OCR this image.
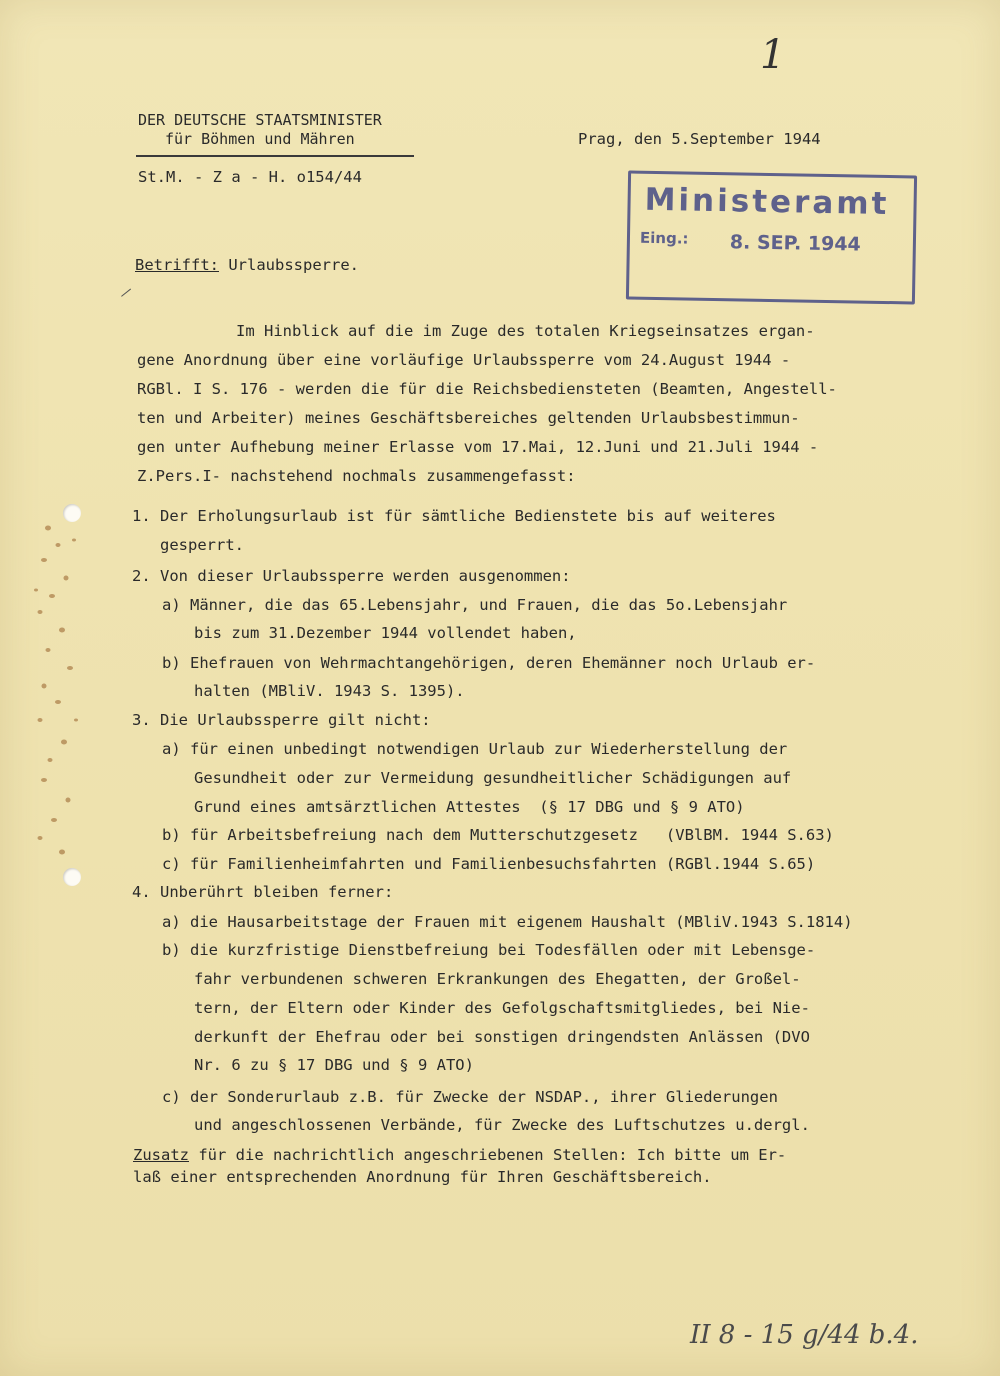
1
DER DEUTSCHE STAATSMINISTER
für Böhmen und Mähren
St.M. - Z a - H. o154/44
Prag, den 5.September 1944
Ministeramt
Eing.: 8. SEP. 1944
Betrifft: Urlaubssperre.
Im Hinblick auf die im Zuge des totalen Kriegseinsatzes ergan-
gene Anordnung über eine vorläufige Urlaubssperre vom 24.August 1944 -
RGBl. I S. 176 - werden die für die Reichsbediensteten (Beamten, Angestell-
ten und Arbeiter) meines Geschäftsbereiches geltenden Urlaubsbestimmun-
gen unter Aufhebung meiner Erlasse vom 17.Mai, 12.Juni und 21.Juli 1944 -
Z.Pers.I- nachstehend nochmals zusammengefasst:
1. Der Erholungsurlaub ist für sämtliche Bedienstete bis auf weiteres
gesperrt.
2. Von dieser Urlaubssperre werden ausgenommen:
a) Männer, die das 65.Lebensjahr, und Frauen, die das 5o.Lebensjahr
bis zum 31.Dezember 1944 vollendet haben,
b) Ehefrauen von Wehrmachtangehörigen, deren Ehemänner noch Urlaub er-
halten (MBliV. 1943 S. 1395).
3. Die Urlaubssperre gilt nicht:
a) für einen unbedingt notwendigen Urlaub zur Wiederherstellung der
Gesundheit oder zur Vermeidung gesundheitlicher Schädigungen auf
Grund eines amtsärztlichen Attestes  (§ 17 DBG und § 9 ATO)
b) für Arbeitsbefreiung nach dem Mutterschutzgesetz   (VBlBM. 1944 S.63)
c) für Familienheimfahrten und Familienbesuchsfahrten (RGBl.1944 S.65)
4. Unberührt bleiben ferner:
a) die Hausarbeitstage der Frauen mit eigenem Haushalt (MBliV.1943 S.1814)
b) die kurzfristige Dienstbefreiung bei Todesfällen oder mit Lebensge-
fahr verbundenen schweren Erkrankungen des Ehegatten, der Großel-
tern, der Eltern oder Kinder des Gefolgschaftsmitgliedes, bei Nie-
derkunft der Ehefrau oder bei sonstigen dringendsten Anlässen (DVO
Nr. 6 zu § 17 DBG und § 9 ATO)
c) der Sonderurlaub z.B. für Zwecke der NSDAP., ihrer Gliederungen
und angeschlossenen Verbände, für Zwecke des Luftschutzes u.dergl.
Zusatz für die nachrichtlich angeschriebenen Stellen: Ich bitte um Er-
laß einer entsprechenden Anordnung für Ihren Geschäftsbereich.
II 8 - 15 g/44 b.4.
⸝
